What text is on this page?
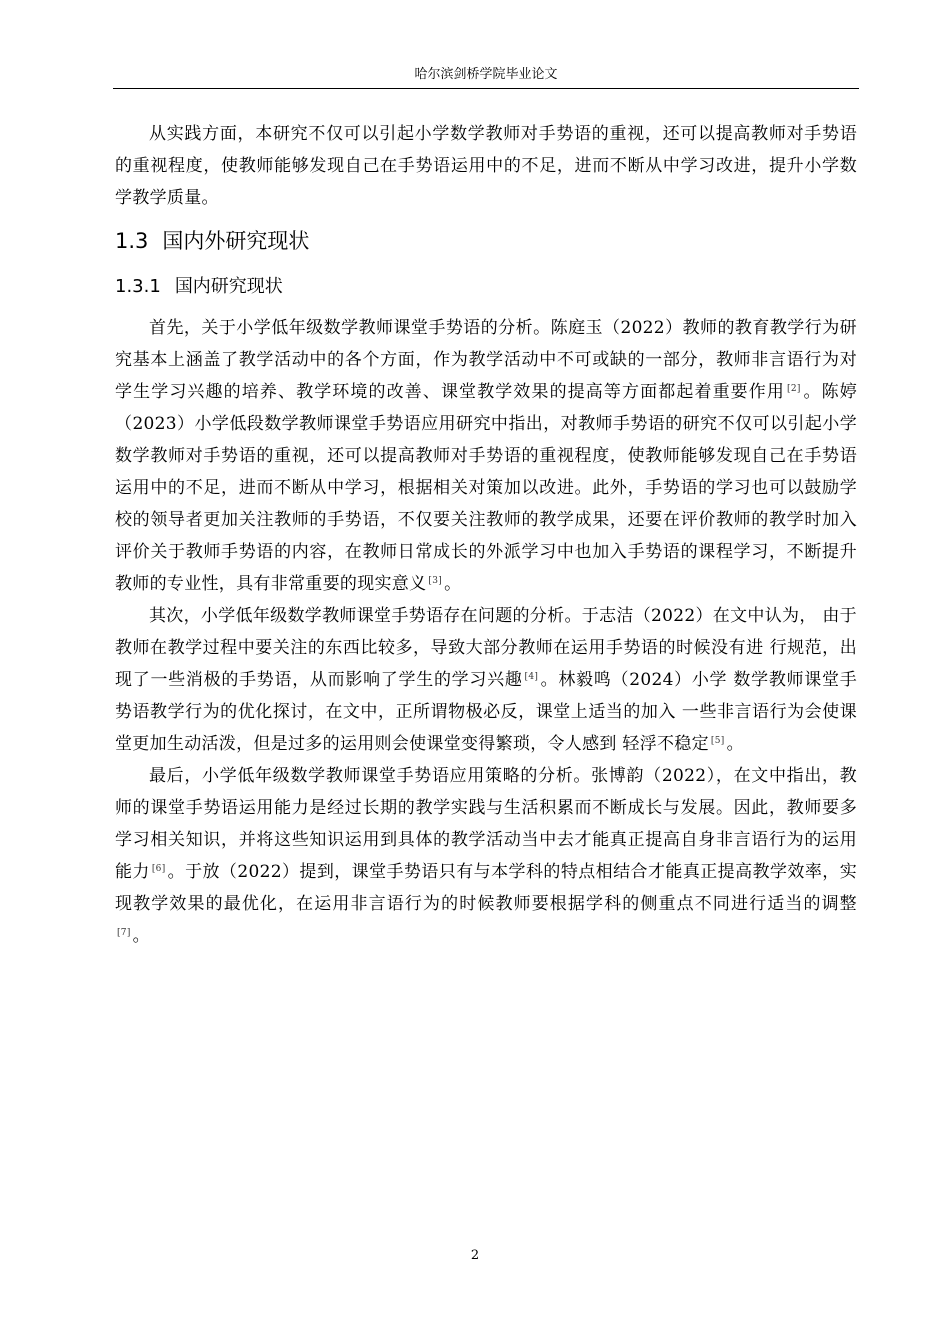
哈尔滨剑桥学院毕业论文

从实践方面，本研究不仅可以引起小学数学教师对手势语的重视，还可以提高教师对手势语的重视程度，使教师能够发现自己在手势语运用中的不足，进而不断从中学习改进，提升小学数学教学质量。

1.3 国内外研究现状
1.3.1 国内研究现状

首先，关于小学低年级数学教师课堂手势语的分析。陈庭玉（2022）教师的教育教学行为研究基本上涵盖了教学活动中的各个方面，作为教学活动中不可或缺的一部分，教师非言语行为对学生学习兴趣的培养、教学环境的改善、课堂教学效果的提高等方面都起着重要作用 [2] 。陈婷（2023）小学低段数学教师课堂手势语应用研究中指出，对教师手势语的研究不仅可以引起小学数学教师对手势语的重视，还可以提高教师对手势语的重视程度，使教师能够发现自己在手势语运用中的不足，进而不断从中学习，根据相关对策加以改进。此外，手势语的学习也可以鼓励学校的领导者更加关注教师的手势语，不仅要关注教师的教学成果，还要在评价教师的教学时加入评价关于教师手势语的内容，在教师日常成长的外派学习中也加入手势语的课程学习，不断提升教师的专业性，具有非常重要的现实意义 [3] 。

其次，小学低年级数学教师课堂手势语存在问题的分析。于志洁（2022）在文中认为， 由于教师在教学过程中要关注的东西比较多，导致大部分教师在运用手势语的时候没有进 行规范，出现了一些消极的手势语，从而影响了学生的学习兴趣 [4] 。林毅鸣（2024）小学 数学教师课堂手势语教学行为的优化探讨，在文中，正所谓物极必反，课堂上适当的加入 一些非言语行为会使课堂更加生动活泼，但是过多的运用则会使课堂变得繁琐，令人感到 轻浮不稳定 [5] 。

最后，小学低年级数学教师课堂手势语应用策略的分析。张博韵（2022），在文中指出，教师的课堂手势语运用能力是经过长期的教学实践与生活积累而不断成长与发展。因此，教师要多学习相关知识，并将这些知识运用到具体的教学活动当中去才能真正提高自身非言语行为的运用能力 [6] 。于放（2022）提到，课堂手势语只有与本学科的特点相结合才能真正提高教学效率，实现教学效果的最优化，在运用非言语行为的时候教师要根据学科的侧重点不同进行适当的调整[7] 。

2
